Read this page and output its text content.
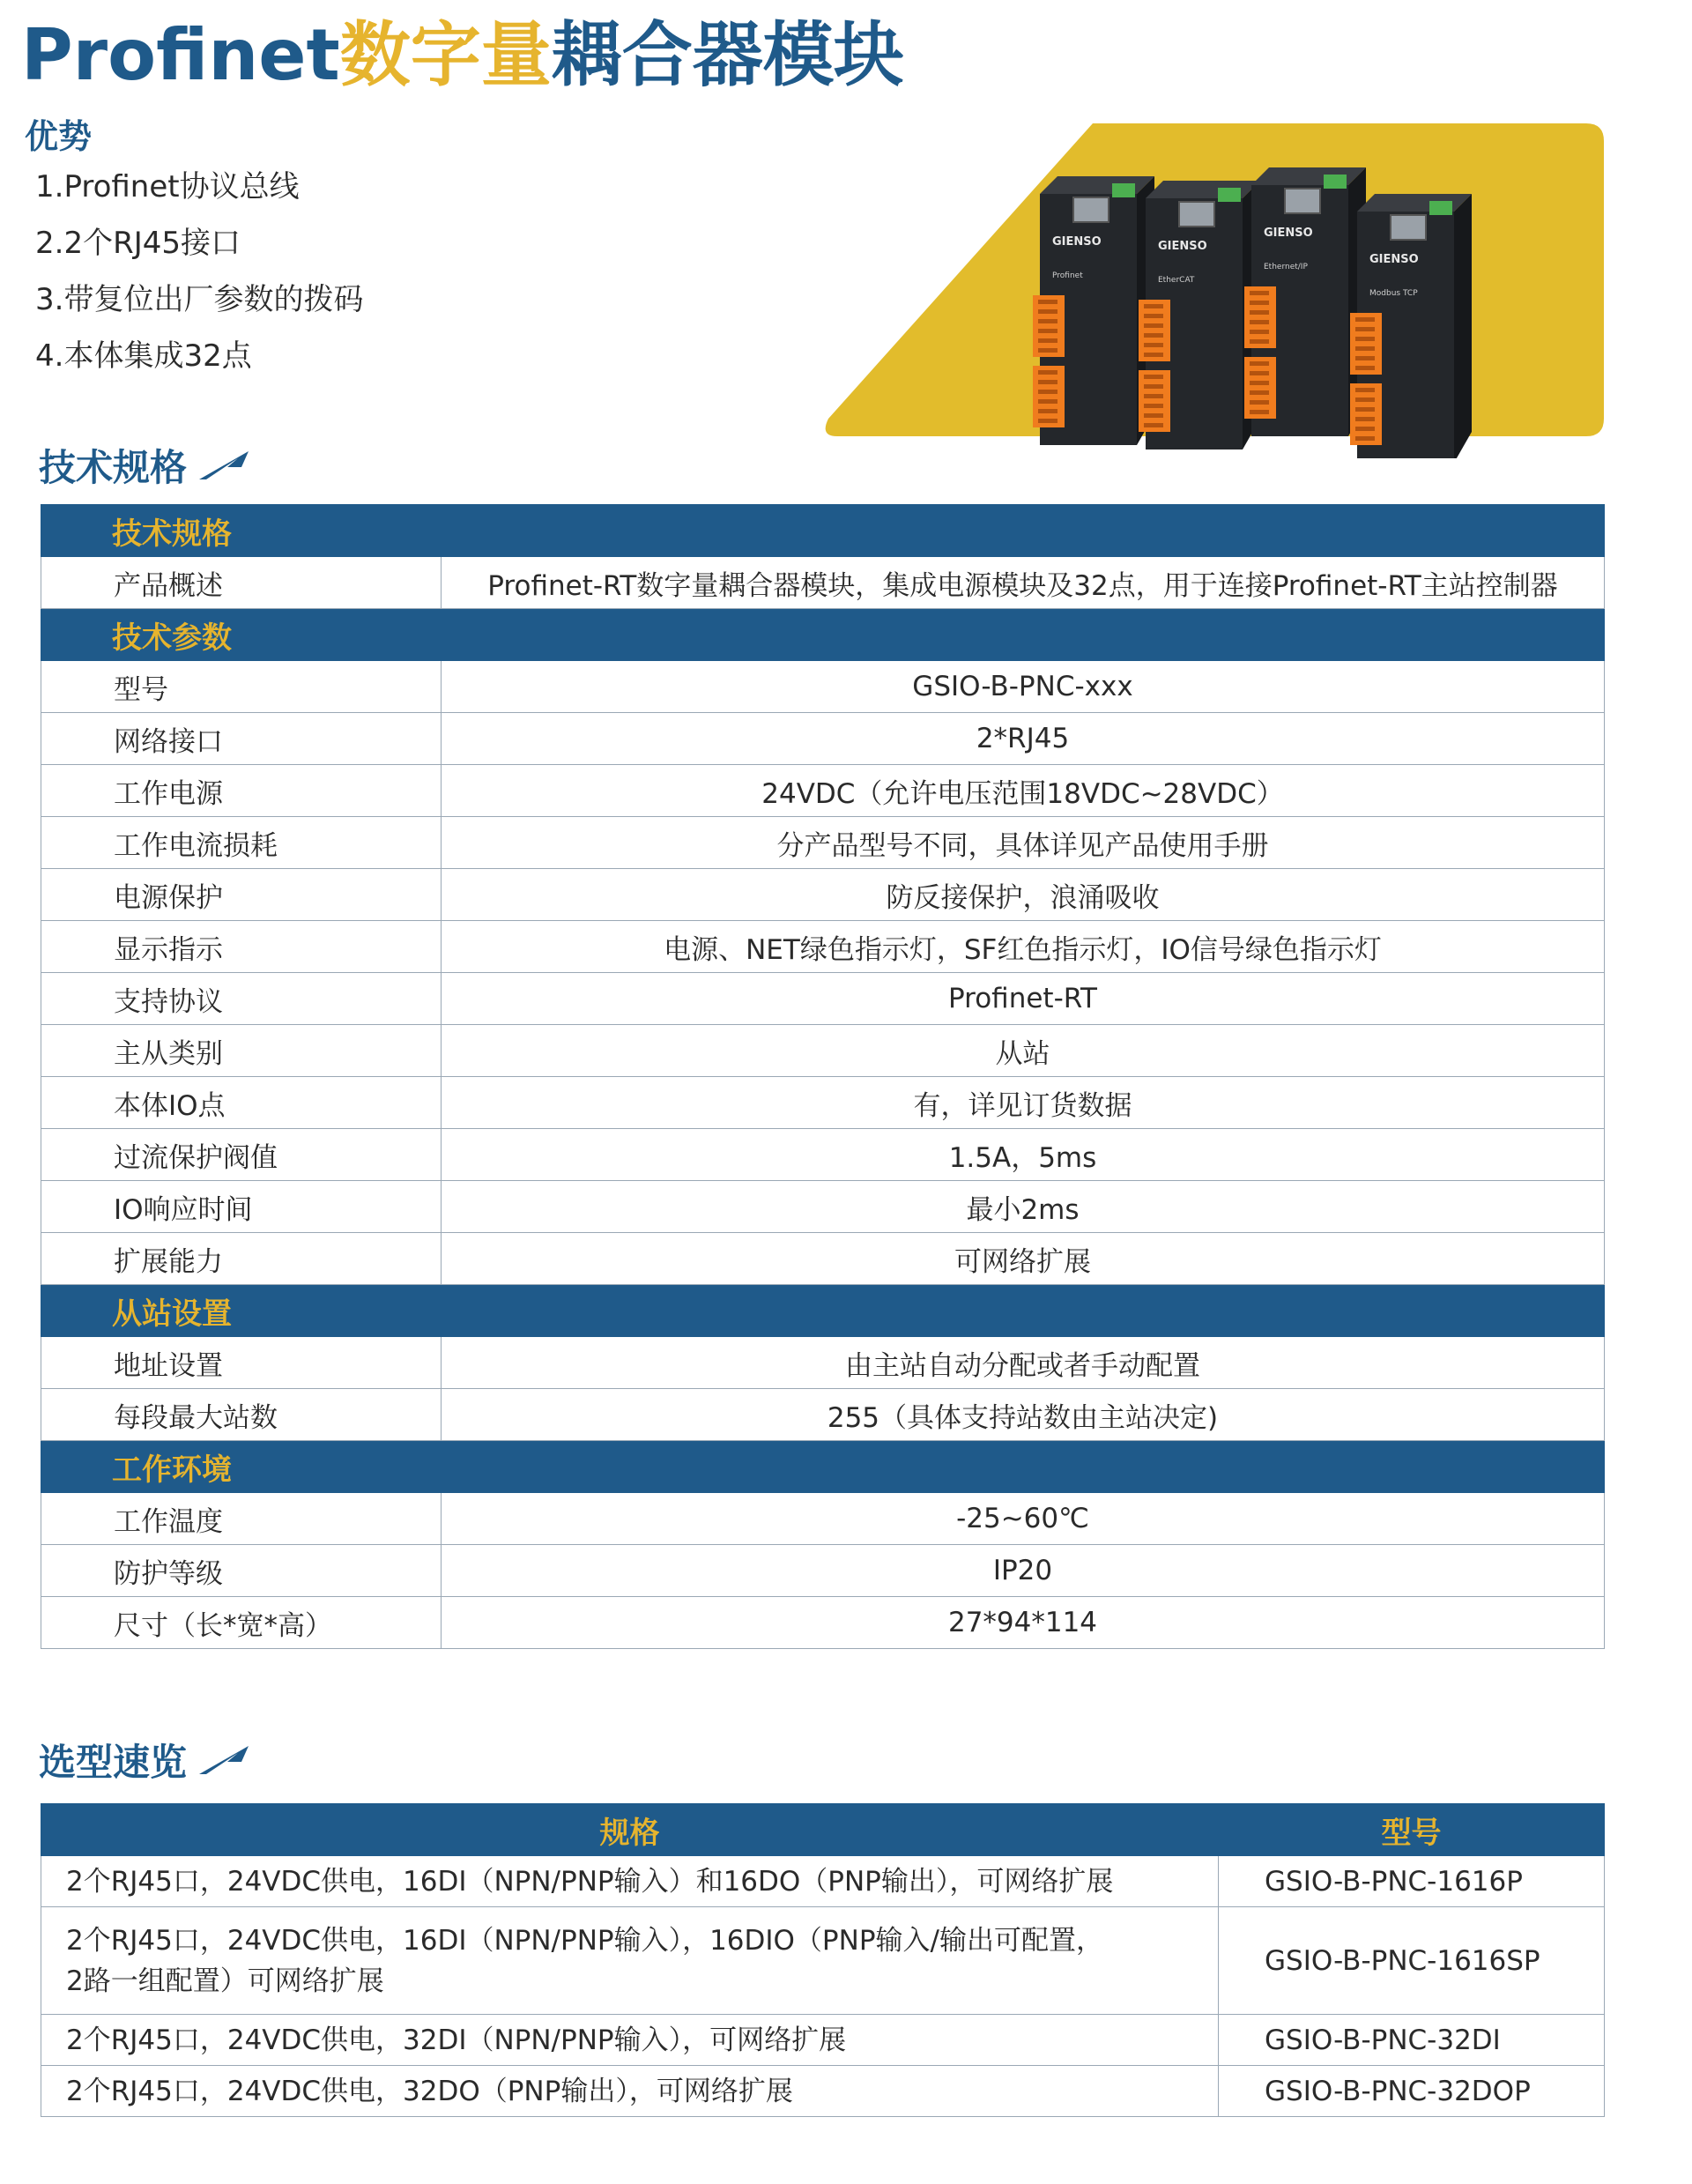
Profinet数字量耦合器模块
优势
1.Profinet协议总线
2.2个RJ45接口
3.带复位出厂参数的拨码
4.本体集成32点
GIENSO
Profinet
GIENSO
EtherCAT
GIENSO
Ethernet/IP
GIENSO
Modbus TCP
技术规格
技术规格	
产品概述	Profinet-RT数字量耦合器模块，集成电源模块及32点，用于连接Profinet-RT主站控制器
技术参数	
型号	GSIO-B-PNC-xxx
网络接口	2*RJ45
工作电源	24VDC（允许电压范围18VDC~28VDC）
工作电流损耗	分产品型号不同，具体详见产品使用手册
电源保护	防反接保护，浪涌吸收
显示指示	电源、NET绿色指示灯，SF红色指示灯，IO信号绿色指示灯
支持协议	Profinet-RT
主从类别	从站
本体IO点	有，详见订货数据
过流保护阀值	1.5A，5ms
IO响应时间	最小2ms
扩展能力	可网络扩展
从站设置	
地址设置	由主站自动分配或者手动配置
每段最大站数	255（具体支持站数由主站决定)
工作环境	
工作温度	-25~60℃
防护等级	IP20
尺寸（长*宽*高）	27*94*114
选型速览
规格	型号
2个RJ45口，24VDC供电，16DI（NPN/PNP输入）和16DO（PNP输出），可网络扩展	GSIO-B-PNC-1616P
2个RJ45口，24VDC供电，16DI（NPN/PNP输入），16DIO（PNP输入/输出可配置，
2路一组配置）可网络扩展	GSIO-B-PNC-1616SP
2个RJ45口，24VDC供电，32DI（NPN/PNP输入），可网络扩展	GSIO-B-PNC-32DI
2个RJ45口，24VDC供电，32DO（PNP输出），可网络扩展	GSIO-B-PNC-32DOP
